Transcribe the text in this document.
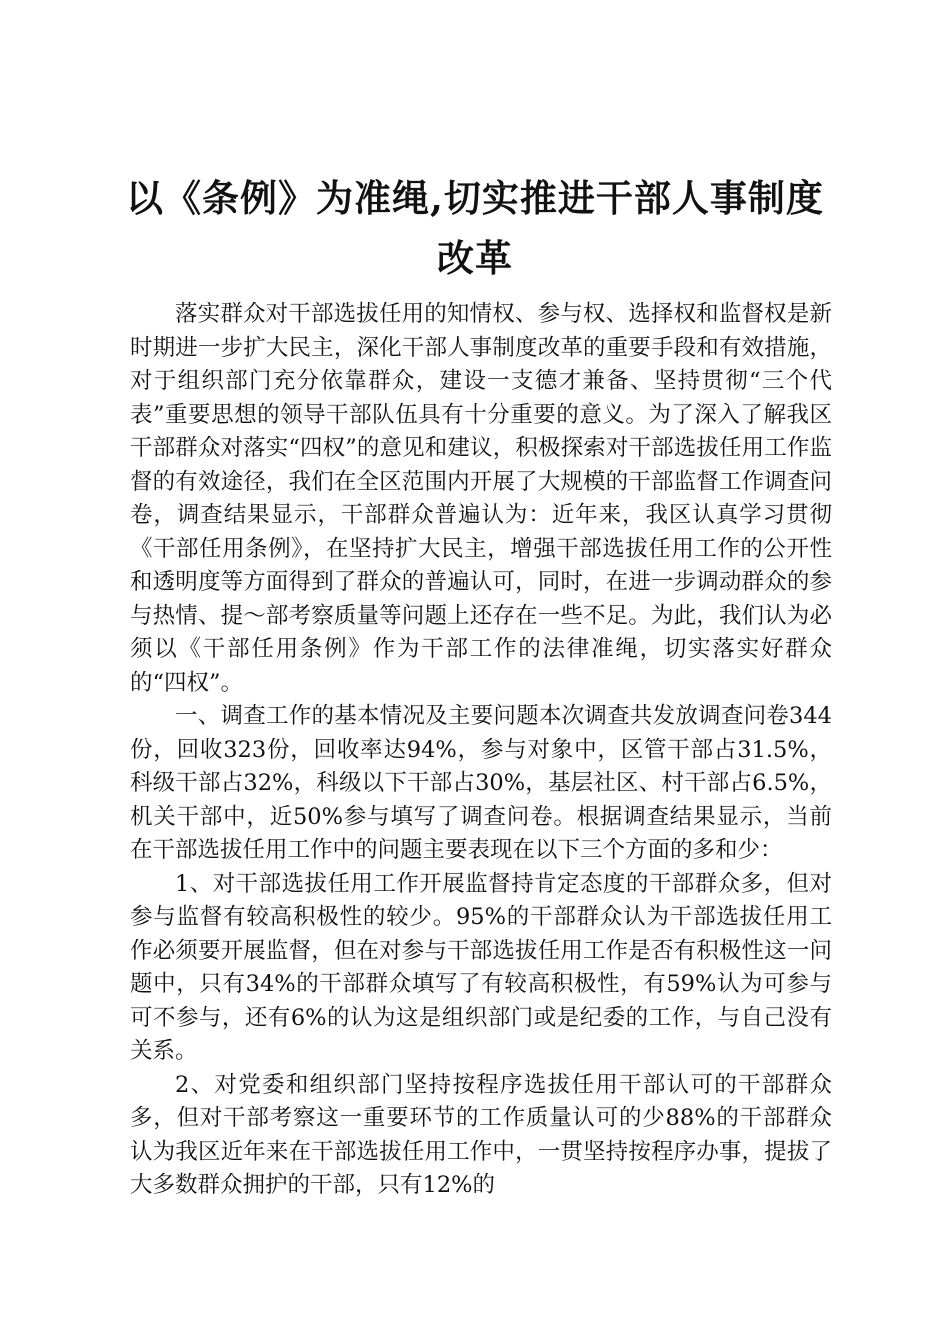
以《条例》为准绳,切实推进干部人事制度改革

落实群众对干部选拔任用的知情权、参与权、选择权和监督权是新时期进一步扩大民主，深化干部人事制度改革的重要手段和有效措施，对于组织部门充分依靠群众，建设一支德才兼备、坚持贯彻“三个代表”重要思想的领导干部队伍具有十分重要的意义。为了深入了解我区干部群众对落实“四权”的意见和建议，积极探索对干部选拔任用工作监督的有效途径，我们在全区范围内开展了大规模的干部监督工作调查问卷，调查结果显示，干部群众普遍认为：近年来，我区认真学习贯彻《干部任用条例》，在坚持扩大民主，增强干部选拔任用工作的公开性和透明度等方面得到了群众的普遍认可，同时，在进一步调动群众的参与热情、提～部考察质量等问题上还存在一些不足。为此，我们认为必须以《干部任用条例》作为干部工作的法律准绳，切实落实好群众的“四权”。

一、调查工作的基本情况及主要问题本次调查共发放调查问卷344份，回收323份，回收率达94%，参与对象中，区管干部占31.5%，科级干部占32%，科级以下干部占30%，基层社区、村干部占6.5%，机关干部中，近50%参与填写了调查问卷。根据调查结果显示，当前在干部选拔任用工作中的问题主要表现在以下三个方面的多和少：

1、对干部选拔任用工作开展监督持肯定态度的干部群众多，但对参与监督有较高积极性的较少。95%的干部群众认为干部选拔任用工作必须要开展监督，但在对参与干部选拔任用工作是否有积极性这一问题中，只有34%的干部群众填写了有较高积极性，有59%认为可参与可不参与，还有6%的认为这是组织部门或是纪委的工作，与自己没有关系。

2、对党委和组织部门坚持按程序选拔任用干部认可的干部群众多，但对干部考察这一重要环节的工作质量认可的少88%的干部群众认为我区近年来在干部选拔任用工作中，一贯坚持按程序办事，提拔了大多数群众拥护的干部，只有12%的
